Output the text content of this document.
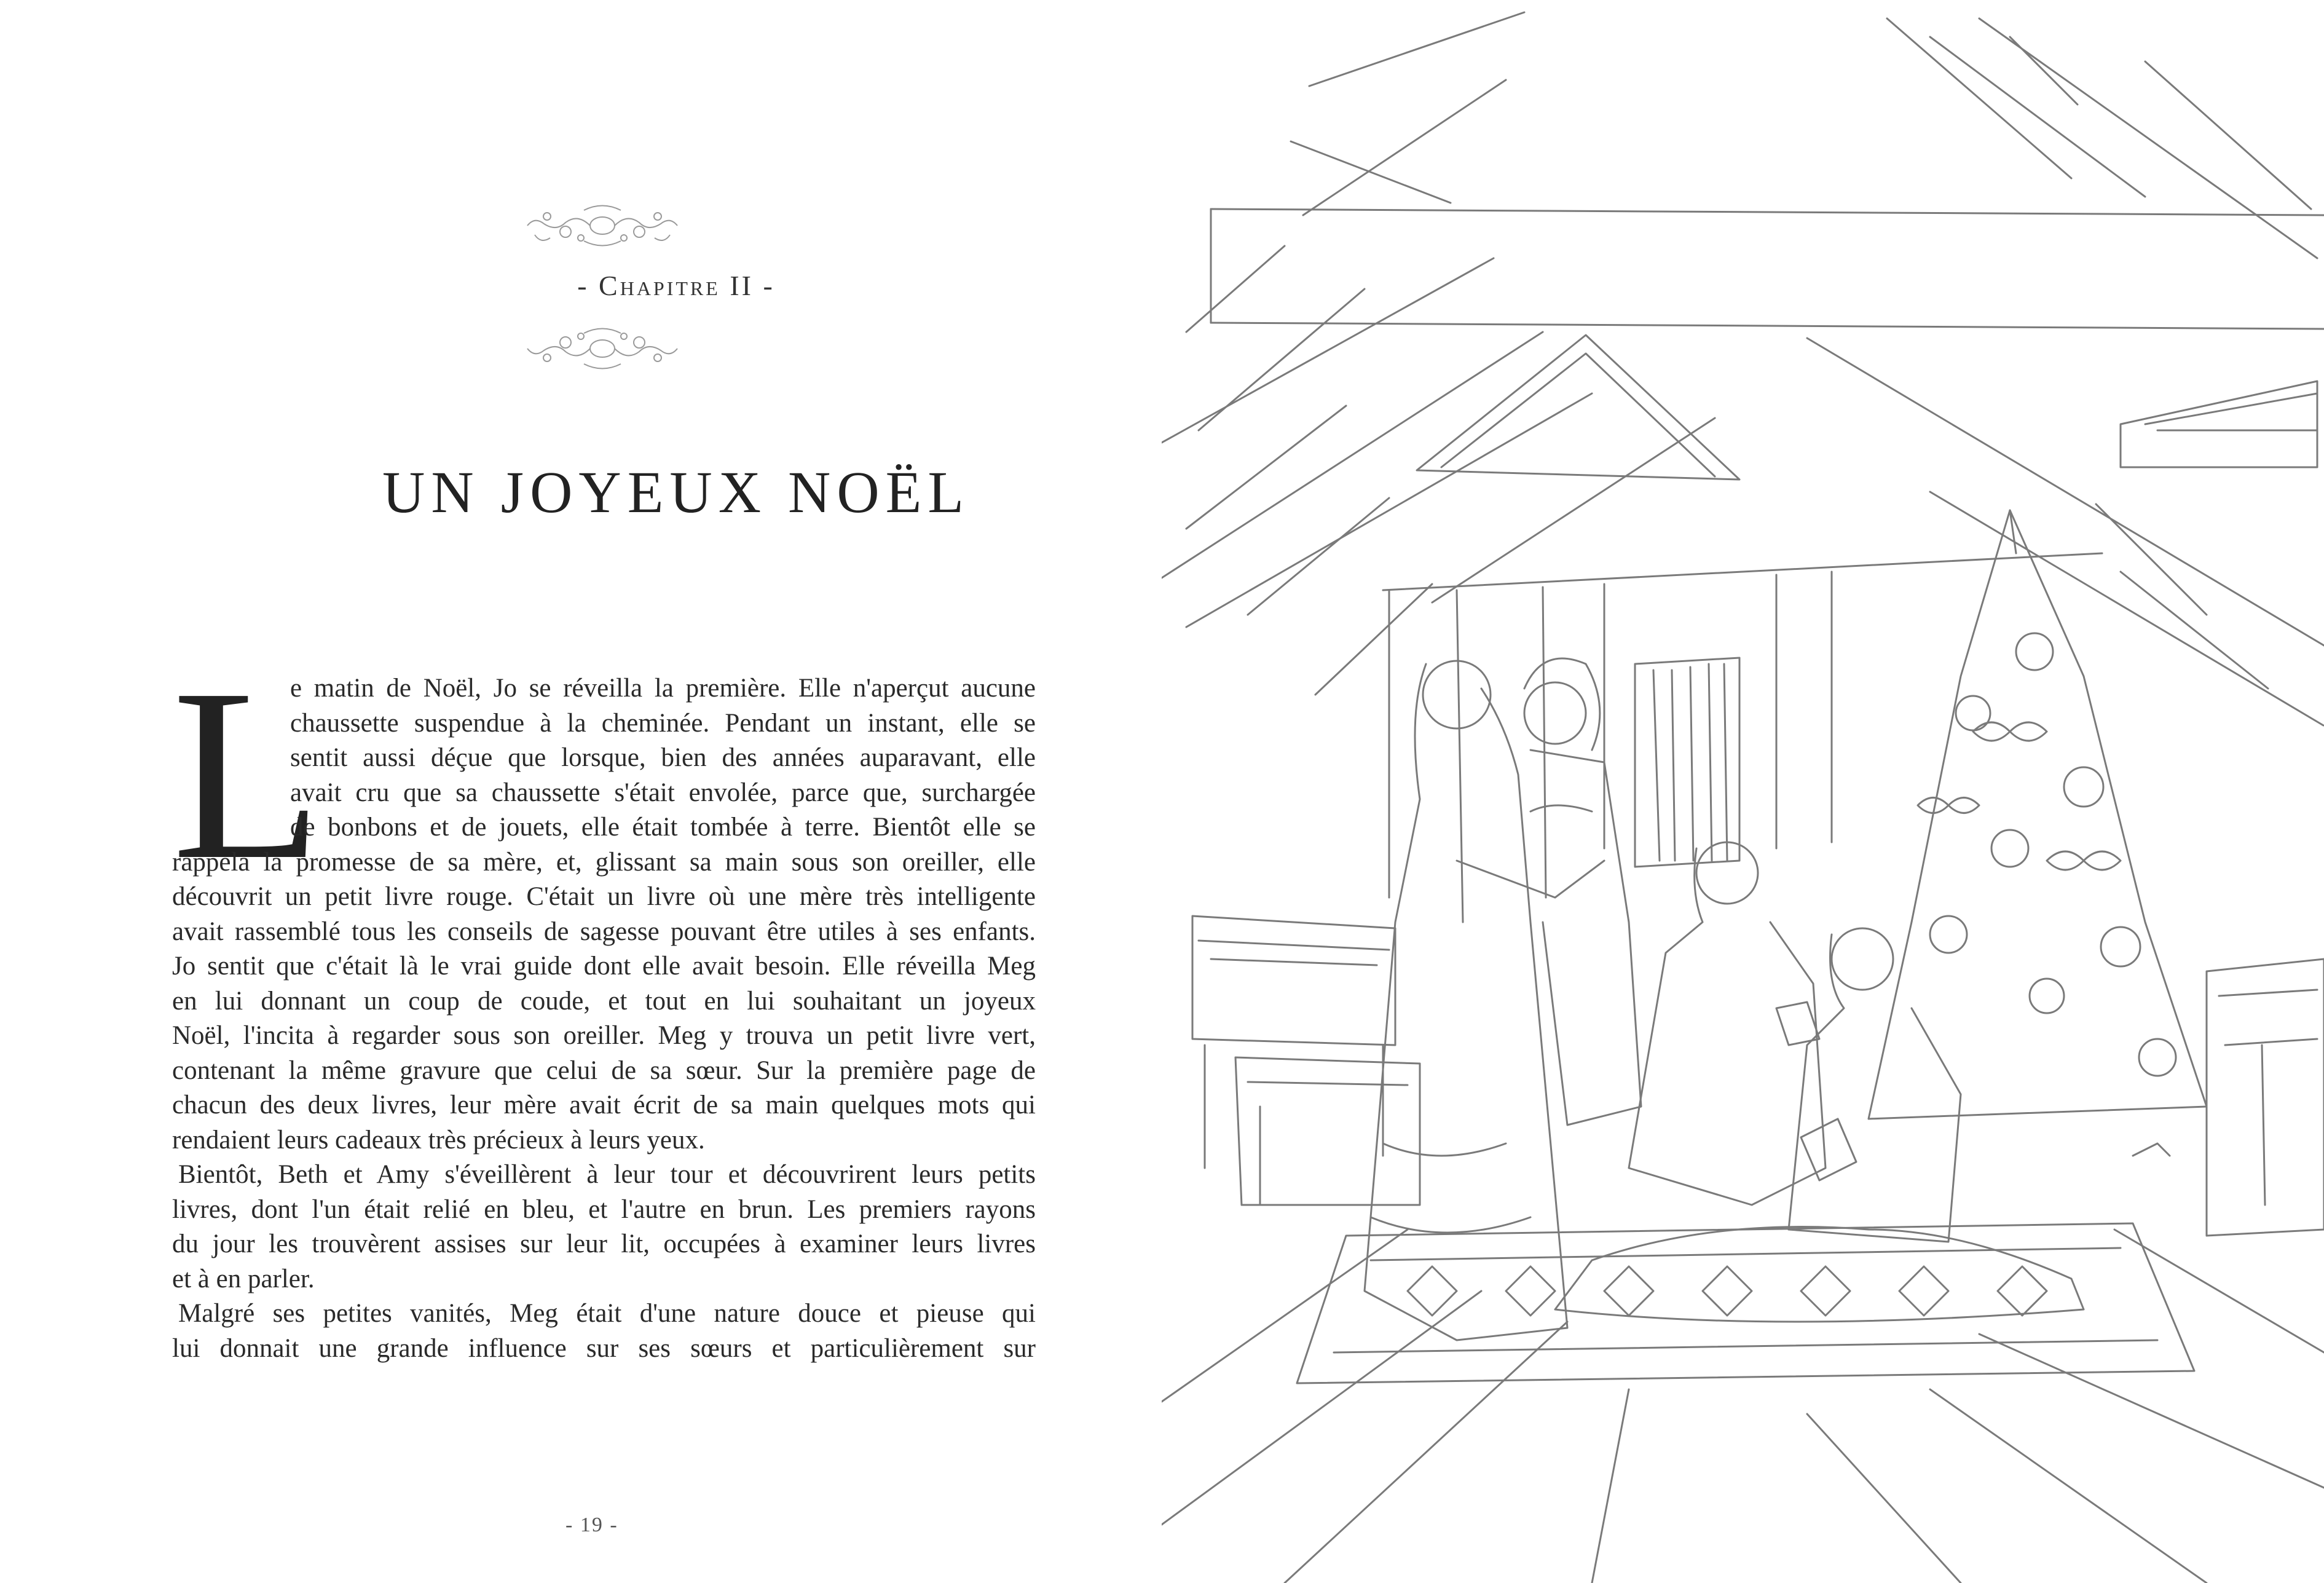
- Chapitre II -
UN JOYEUX NOËL
L
e matin de Noël, Jo se réveilla la première. Elle n'aperçut aucune
chaussette suspendue à la cheminée. Pendant un instant, elle se
sentit aussi déçue que lorsque, bien des années auparavant, elle
avait cru que sa chaussette s'était envolée, parce que, surchargée
de bonbons et de jouets, elle était tombée à terre. Bientôt elle se
rappela la promesse de sa mère, et, glissant sa main sous son oreiller, elle
découvrit un petit livre rouge. C'était un livre où une mère très intelligente
avait rassemblé tous les conseils de sagesse pouvant être utiles à ses enfants.
Jo sentit que c'était là le vrai guide dont elle avait besoin. Elle réveilla Meg
en lui donnant un coup de coude, et tout en lui souhaitant un joyeux
Noël, l'incita à regarder sous son oreiller. Meg y trouva un petit livre vert,
contenant la même gravure que celui de sa sœur. Sur la première page de
chacun des deux livres, leur mère avait écrit de sa main quelques mots qui
rendaient leurs cadeaux très précieux à leurs yeux.
Bientôt, Beth et Amy s'éveillèrent à leur tour et découvrirent leurs petits
livres, dont l'un était relié en bleu, et l'autre en brun. Les premiers rayons
du jour les trouvèrent assises sur leur lit, occupées à examiner leurs livres
et à en parler.
Malgré ses petites vanités, Meg était d'une nature douce et pieuse qui
lui donnait une grande influence sur ses sœurs et particulièrement sur
- 19 -
